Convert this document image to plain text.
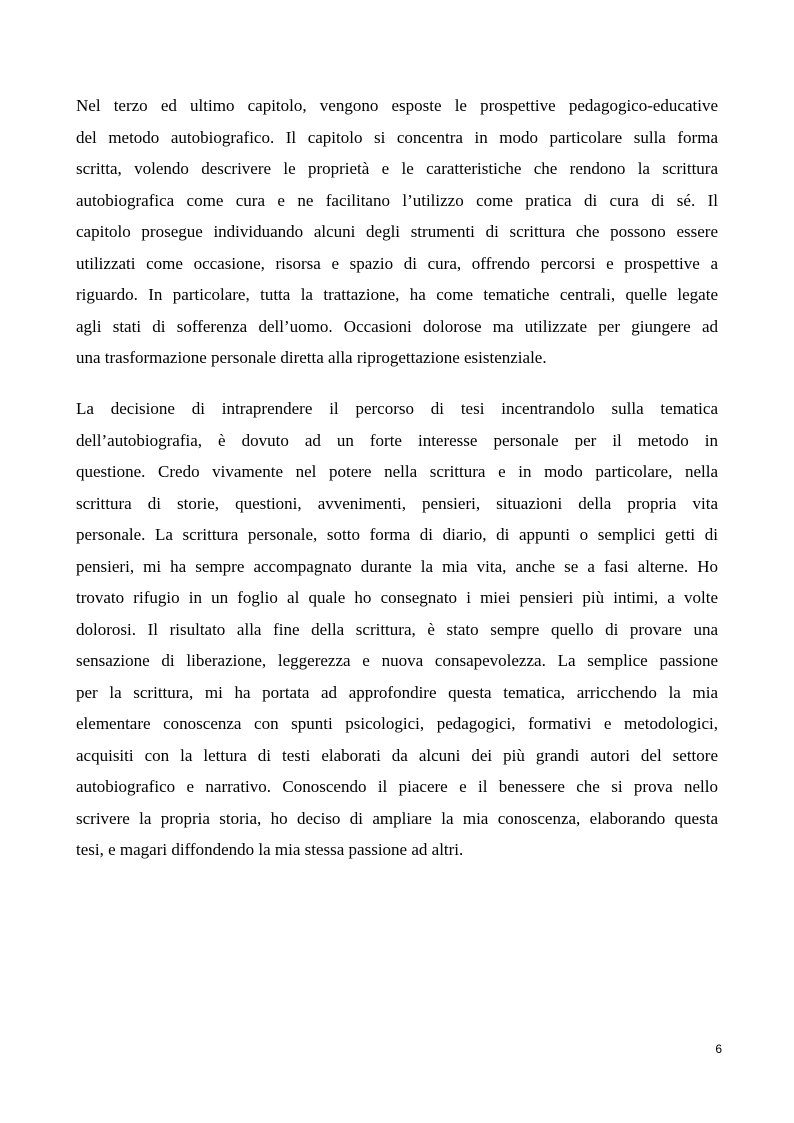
Nel terzo ed ultimo capitolo, vengono esposte le prospettive pedagogico-educative
del metodo autobiografico. Il capitolo si concentra in modo particolare sulla forma
scritta, volendo descrivere le proprietà e le caratteristiche che rendono la scrittura
autobiografica come cura e ne facilitano l’utilizzo come pratica di cura di sé. Il
capitolo prosegue individuando alcuni degli strumenti di scrittura che possono essere
utilizzati come occasione, risorsa e spazio di cura, offrendo percorsi e prospettive a
riguardo. In particolare, tutta la trattazione, ha come tematiche centrali, quelle legate
agli stati di sofferenza dell’uomo. Occasioni dolorose ma utilizzate per giungere ad
una trasformazione personale diretta alla riprogettazione esistenziale.
La decisione di intraprendere il percorso di tesi incentrandolo sulla tematica
dell’autobiografia, è dovuto ad un forte interesse personale per il metodo in
questione. Credo vivamente nel potere nella scrittura e in modo particolare, nella
scrittura di storie, questioni, avvenimenti, pensieri, situazioni della propria vita
personale. La scrittura personale, sotto forma di diario, di appunti o semplici getti di
pensieri, mi ha sempre accompagnato durante la mia vita, anche se a fasi alterne. Ho
trovato rifugio in un foglio al quale ho consegnato i miei pensieri più intimi, a volte
dolorosi. Il risultato alla fine della scrittura, è stato sempre quello di provare una
sensazione di liberazione, leggerezza e nuova consapevolezza. La semplice passione
per la scrittura, mi ha portata ad approfondire questa tematica, arricchendo la mia
elementare conoscenza con spunti psicologici, pedagogici, formativi e metodologici,
acquisiti con la lettura di testi elaborati da alcuni dei più grandi autori del settore
autobiografico e narrativo. Conoscendo il piacere e il benessere che si prova nello
scrivere la propria storia, ho deciso di ampliare la mia conoscenza, elaborando questa
tesi, e magari diffondendo la mia stessa passione ad altri.
6
